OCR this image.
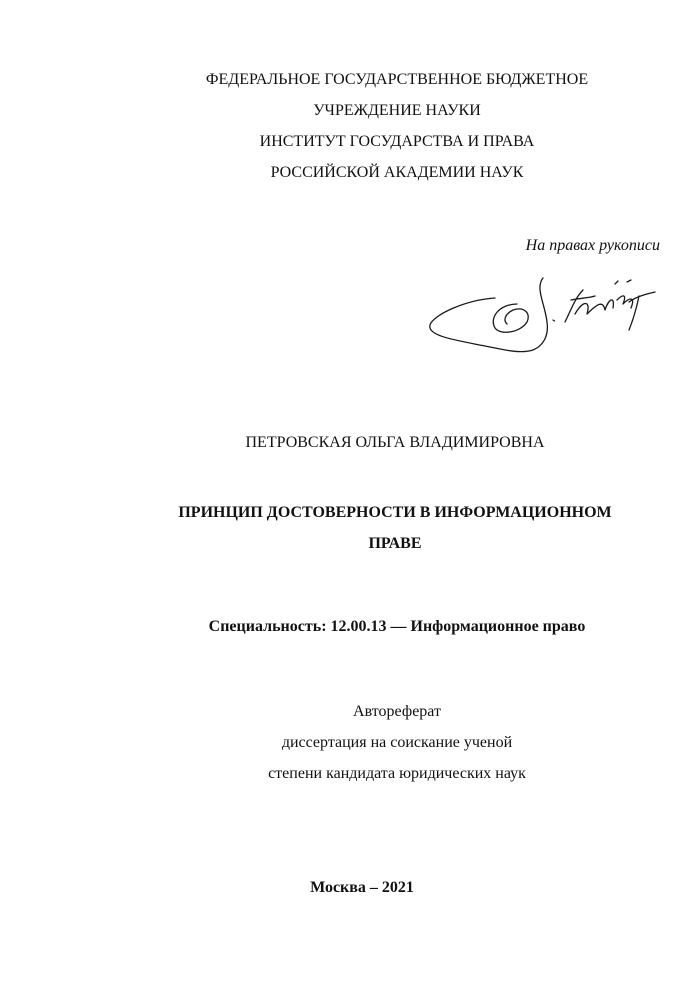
ФЕДЕРАЛЬНОЕ ГОСУДАРСТВЕННОЕ БЮДЖЕТНОЕ
УЧРЕЖДЕНИЕ НАУКИ
ИНСТИТУТ ГОСУДАРСТВА И ПРАВА
РОССИЙСКОЙ АКАДЕМИИ НАУК
На правах рукописи
ПЕТРОВСКАЯ ОЛЬГА ВЛАДИМИРОВНА
ПРИНЦИП ДОСТОВЕРНОСТИ В ИНФОРМАЦИОННОМ
ПРАВЕ
Специальность: 12.00.13 — Информационное право
Автореферат
диссертация на соискание ученой
степени кандидата юридических наук
Москва – 2021
